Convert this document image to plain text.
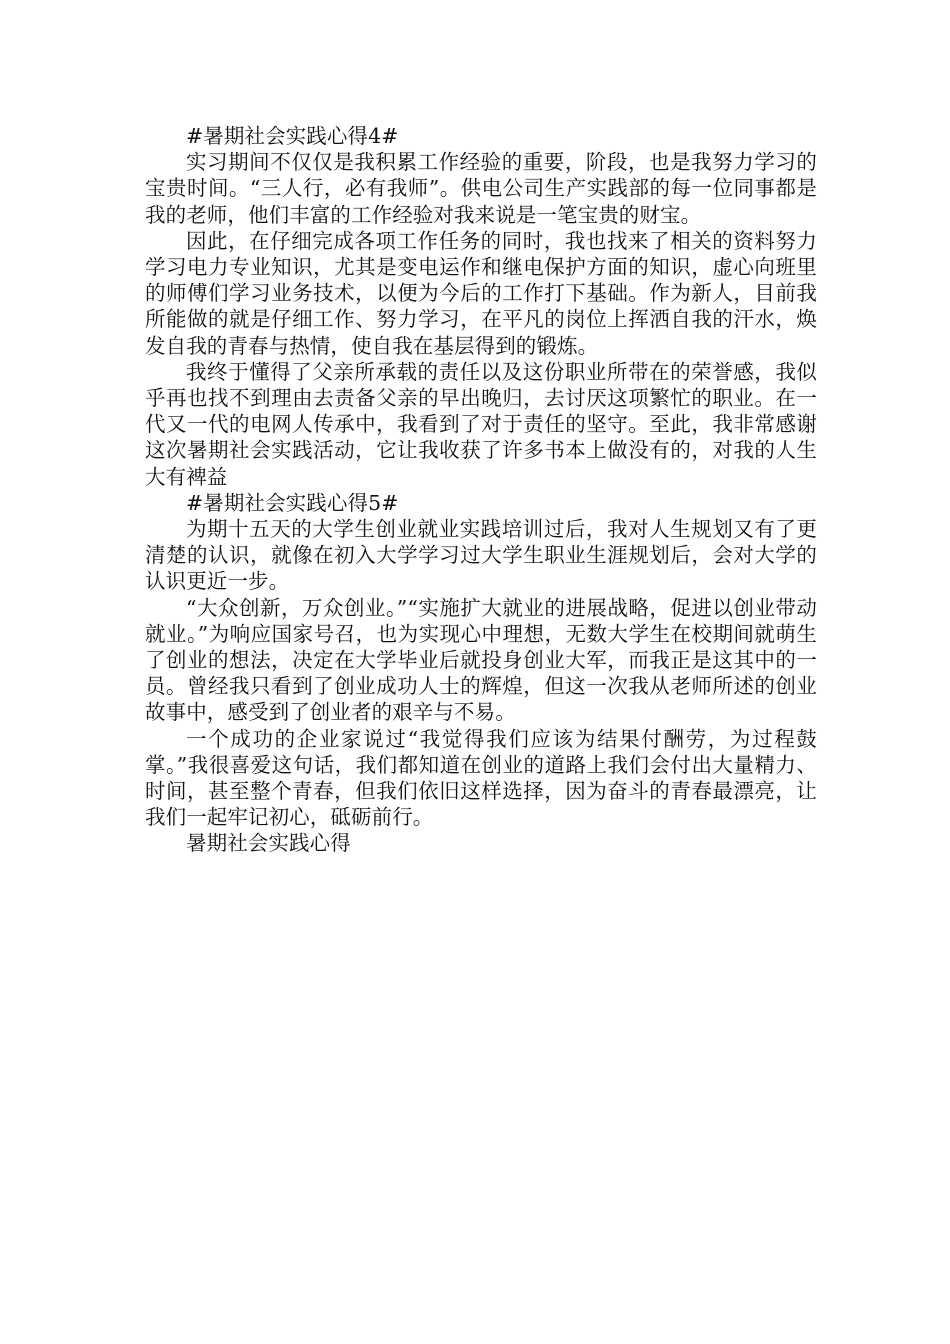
#暑期社会实践心得4#

实习期间不仅仅是我积累工作经验的重要，阶段，也是我努力学习的宝贵时间。“三人行，必有我师”。供电公司生产实践部的每一位同事都是我的老师，他们丰富的工作经验对我来说是一笔宝贵的财宝。

因此，在仔细完成各项工作任务的同时，我也找来了相关的资料努力学习电力专业知识，尤其是变电运作和继电保护方面的知识，虚心向班里的师傅们学习业务技术，以便为今后的工作打下基础。作为新人，目前我所能做的就是仔细工作、努力学习，在平凡的岗位上挥洒自我的汗水，焕发自我的青春与热情，使自我在基层得到的锻炼。

我终于懂得了父亲所承载的责任以及这份职业所带在的荣誉感，我似乎再也找不到理由去责备父亲的早出晚归，去讨厌这项繁忙的职业。在一代又一代的电网人传承中，我看到了对于责任的坚守。至此，我非常感谢这次暑期社会实践活动，它让我收获了许多书本上做没有的，对我的人生大有裨益

#暑期社会实践心得5#

为期十五天的大学生创业就业实践培训过后，我对人生规划又有了更清楚的认识，就像在初入大学学习过大学生职业生涯规划后，会对大学的认识更近一步。

“大众创新，万众创业。”“实施扩大就业的进展战略，促进以创业带动就业。”为响应国家号召，也为实现心中理想，无数大学生在校期间就萌生了创业的想法，决定在大学毕业后就投身创业大军，而我正是这其中的一员。曾经我只看到了创业成功人士的辉煌，但这一次我从老师所述的创业故事中，感受到了创业者的艰辛与不易。

一个成功的企业家说过“我觉得我们应该为结果付酬劳，为过程鼓掌。”我很喜爱这句话，我们都知道在创业的道路上我们会付出大量精力、时间，甚至整个青春，但我们依旧这样选择，因为奋斗的青春最漂亮，让我们一起牢记初心，砥砺前行。

暑期社会实践心得
